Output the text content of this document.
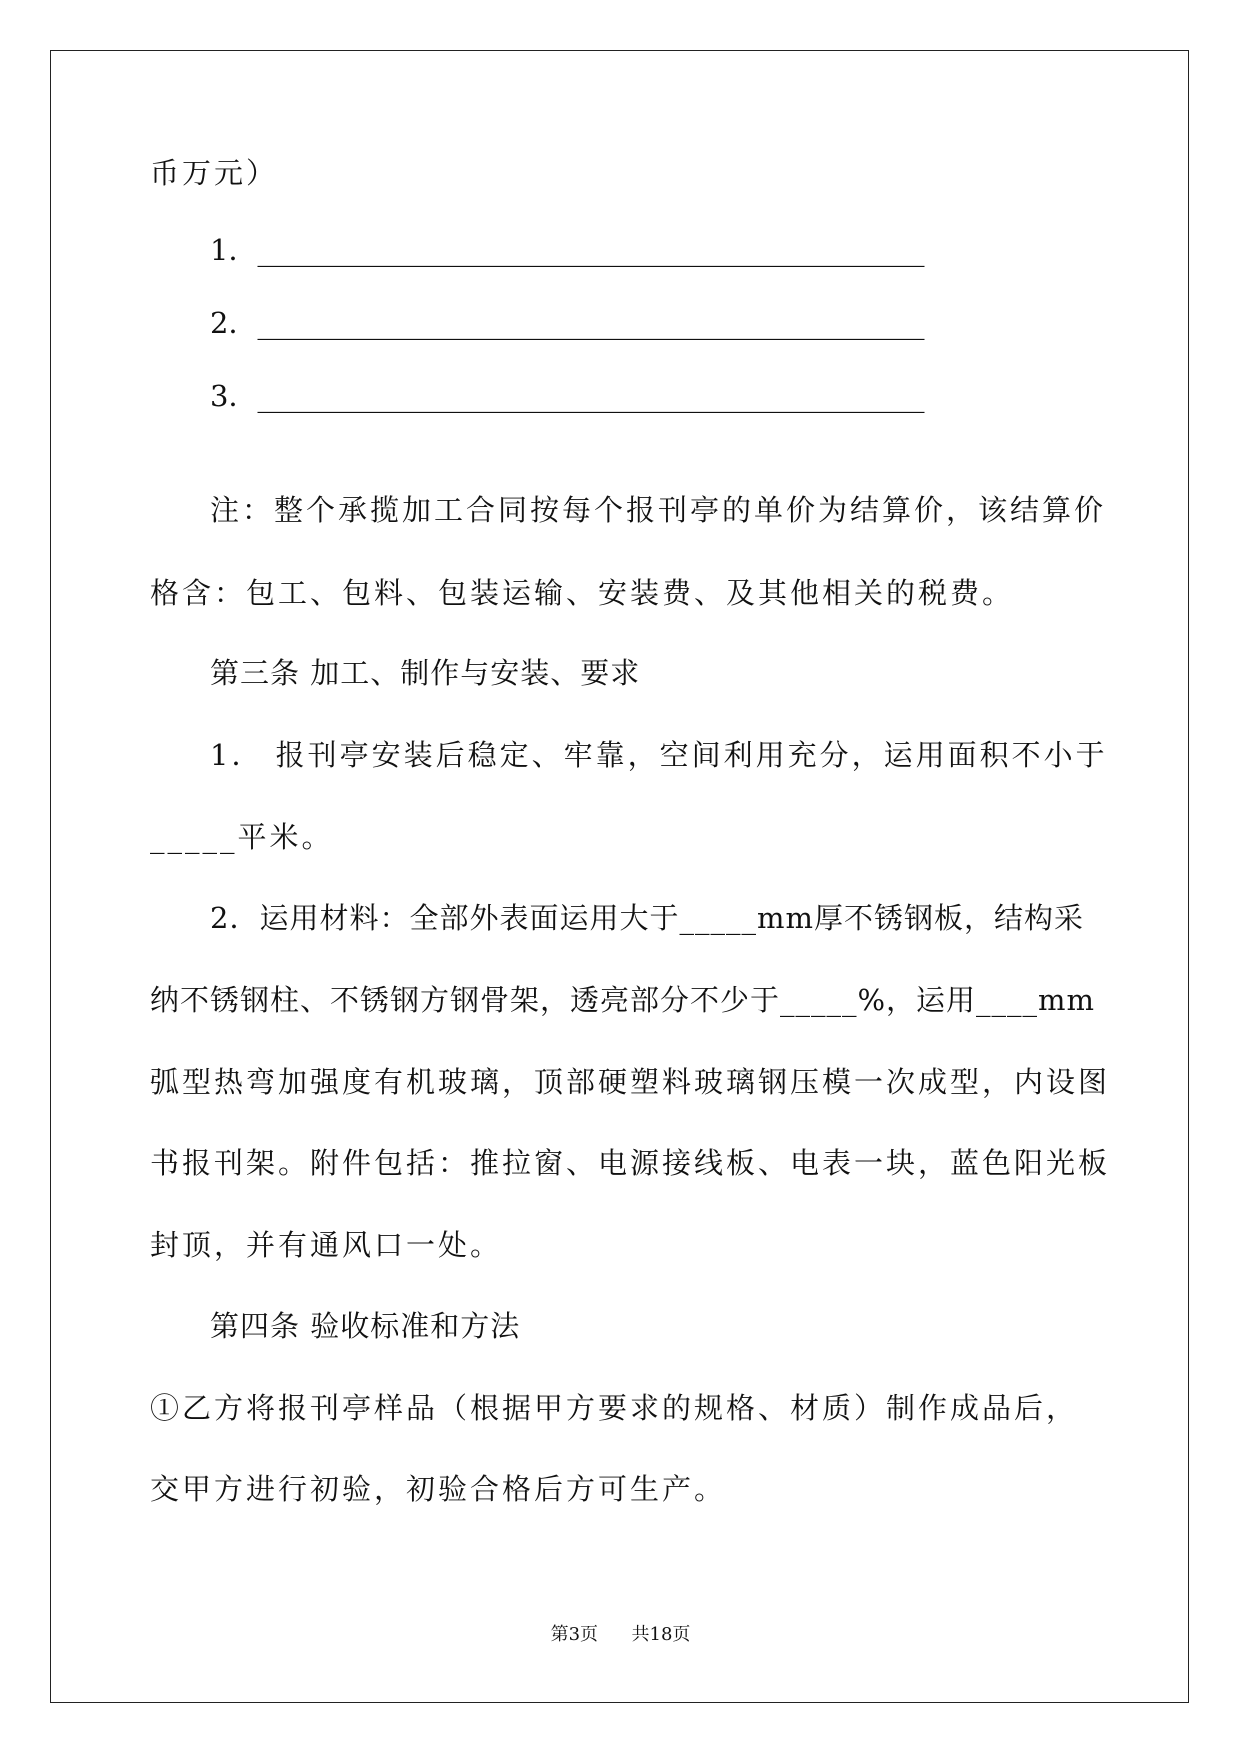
币万元）
1．______________________________________________
2．______________________________________________
3．______________________________________________
注：整个承揽加工合同按每个报刊亭的单价为结算价，该结算价
格含：包工、包料、包装运输、安装费、及其他相关的税费。
第三条 加工、制作与安装、要求
1． 报刊亭安装后稳定、牢靠，空间利用充分，运用面积不小于
_____平米。
2．运用材料：全部外表面运用大于_____mm厚不锈钢板，结构采
纳不锈钢柱、不锈钢方钢骨架，透亮部分不少于_____%，运用____mm
弧型热弯加强度有机玻璃，顶部硬塑料玻璃钢压模一次成型，内设图
书报刊架。附件包括：推拉窗、电源接线板、电表一块，蓝色阳光板
封顶，并有通风口一处。
第四条 验收标准和方法
①乙方将报刊亭样品（根据甲方要求的规格、材质）制作成品后，
交甲方进行初验，初验合格后方可生产。
第3页 共18页
